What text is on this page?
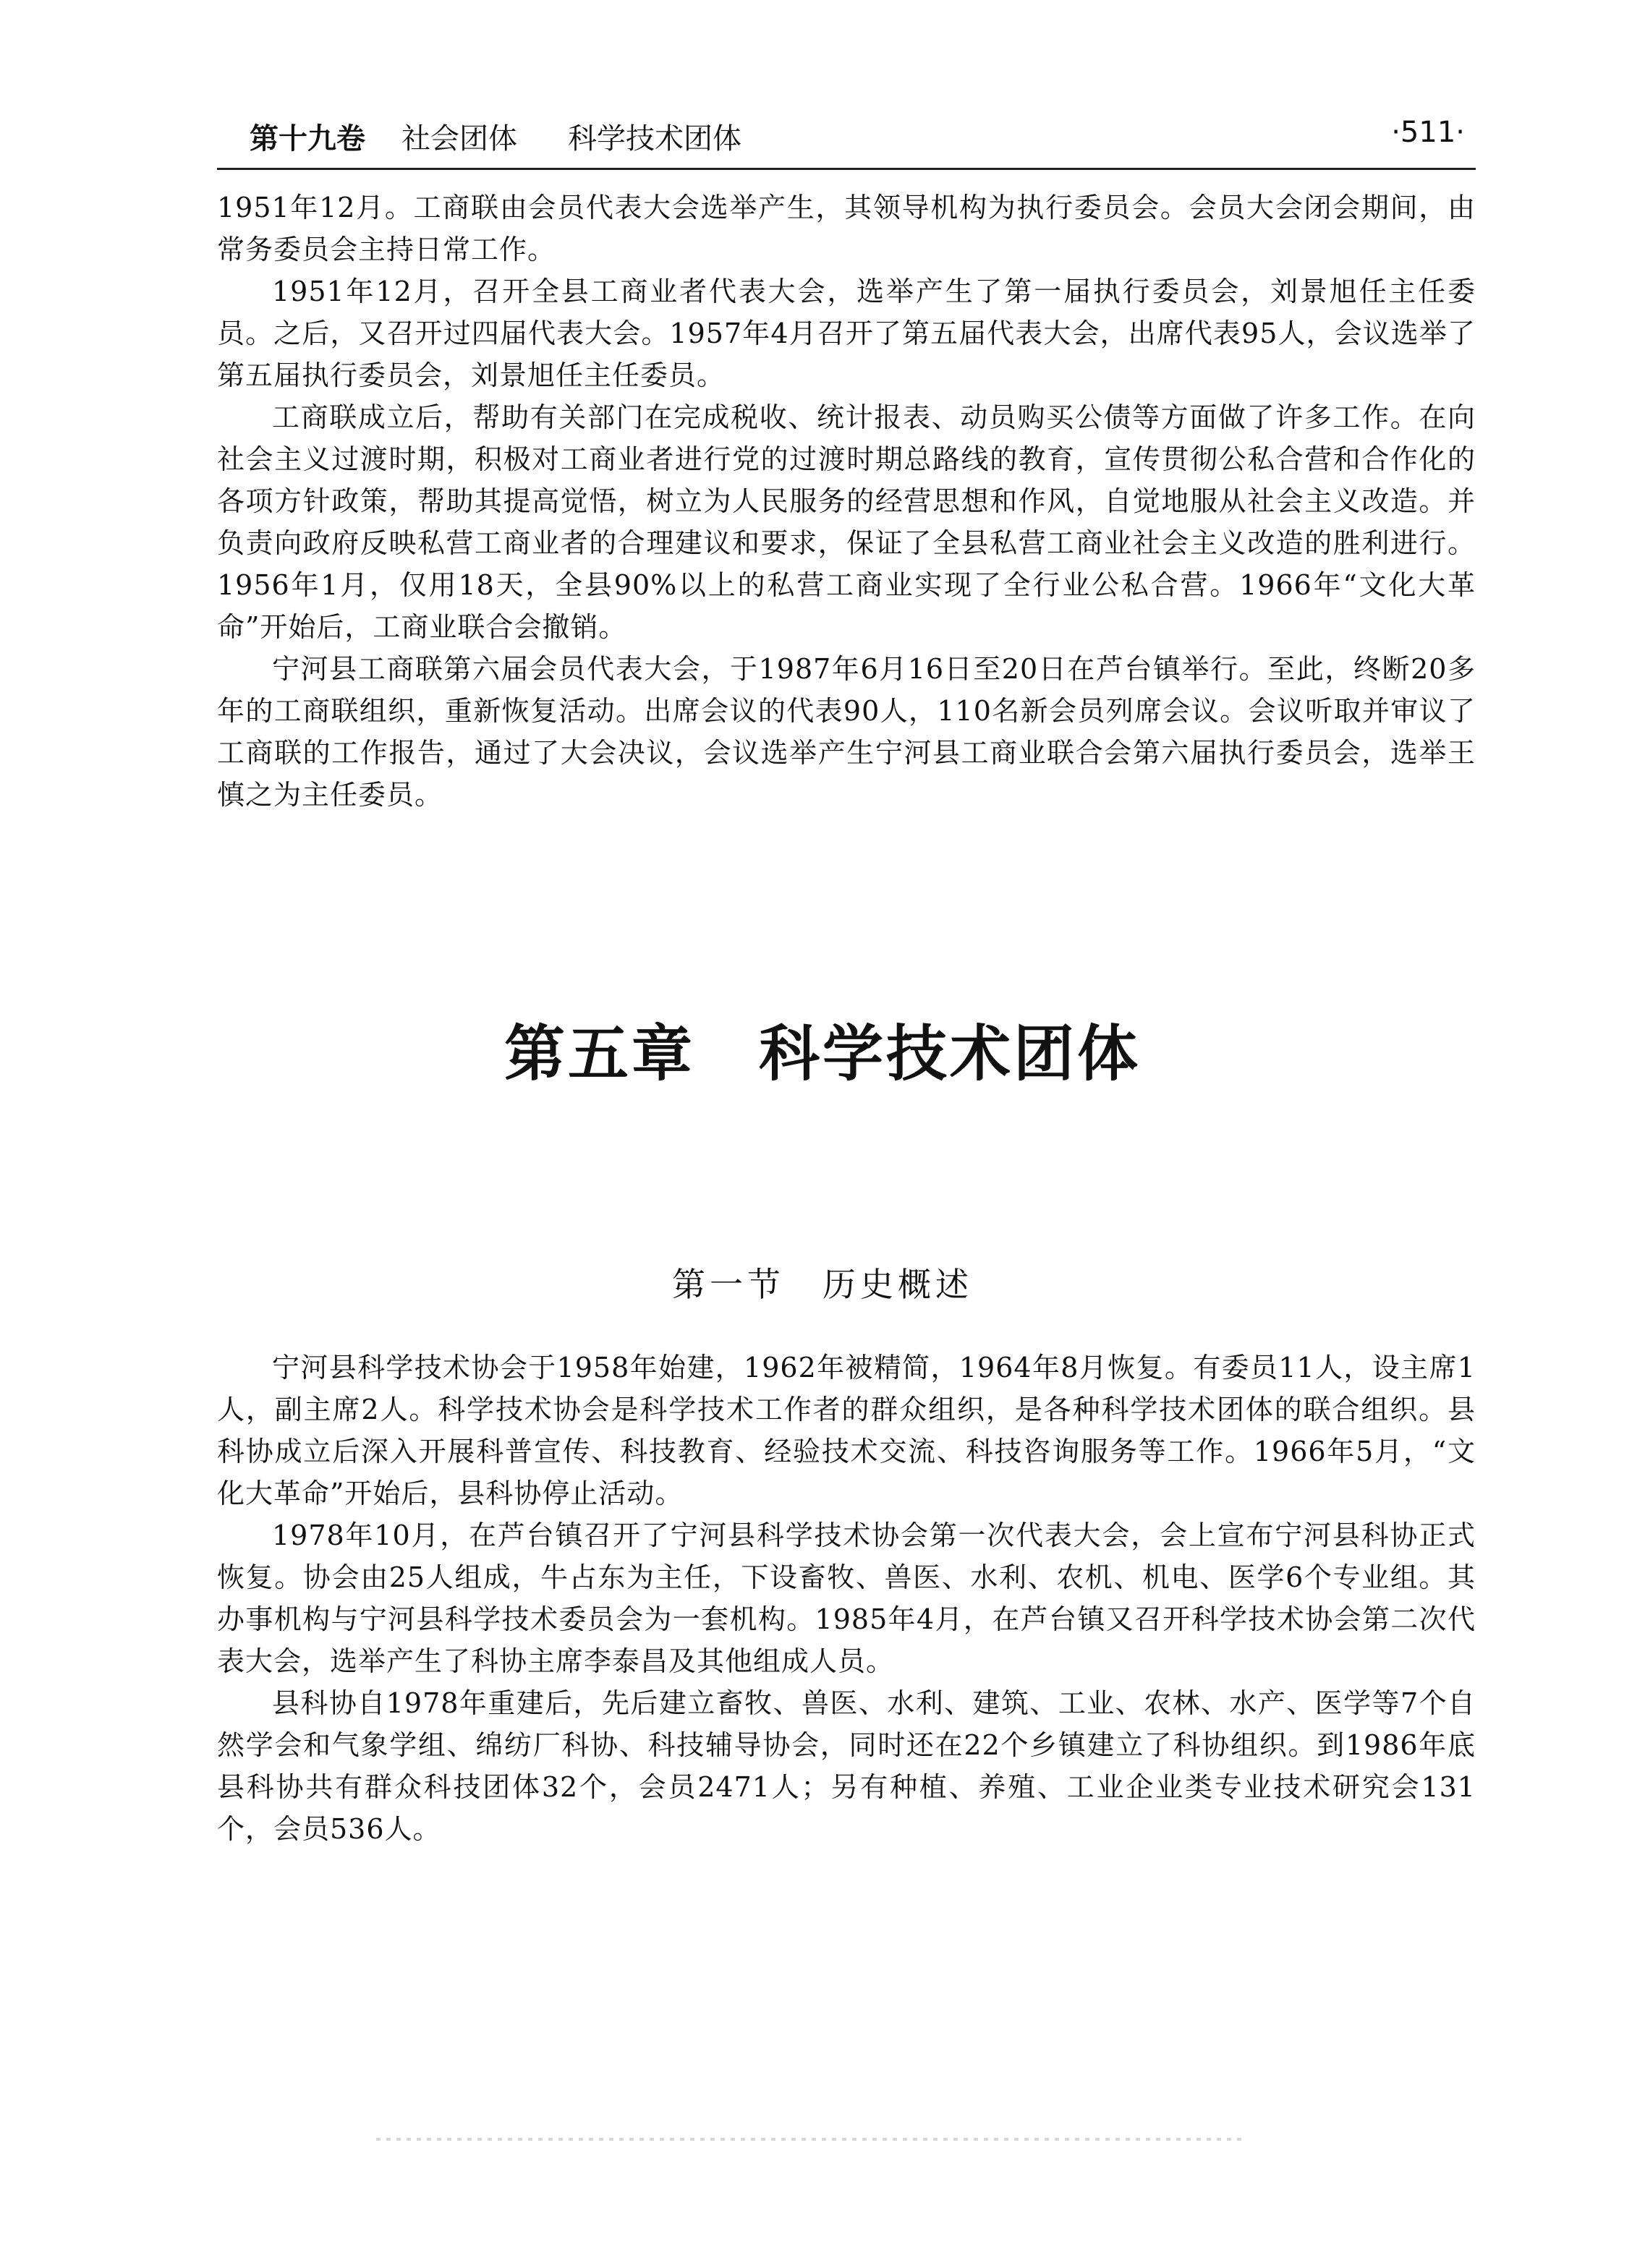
第十九卷 社会团体 科学技术团体	·511·

1951年12月。工商联由会员代表大会选举产生，其领导机构为执行委员会。会员大会闭会期间，由常务委员会主持日常工作。

1951年12月，召开全县工商业者代表大会，选举产生了第一届执行委员会，刘景旭任主任委员。之后，又召开过四届代表大会。1957年4月召开了第五届代表大会，出席代表95人，会议选举了第五届执行委员会，刘景旭任主任委员。

工商联成立后，帮助有关部门在完成税收、统计报表、动员购买公债等方面做了许多工作。在向社会主义过渡时期，积极对工商业者进行党的过渡时期总路线的教育，宣传贯彻公私合营和合作化的各项方针政策，帮助其提高觉悟，树立为人民服务的经营思想和作风，自觉地服从社会主义改造。并负责向政府反映私营工商业者的合理建议和要求，保证了全县私营工商业社会主义改造的胜利进行。1956年1月，仅用18天，全县90%以上的私营工商业实现了全行业公私合营。1966年“文化大革命”开始后，工商业联合会撤销。

宁河县工商联第六届会员代表大会，于1987年6月16日至20日在芦台镇举行。至此，终断20多年的工商联组织，重新恢复活动。出席会议的代表90人，110名新会员列席会议。会议听取并审议了工商联的工作报告，通过了大会决议，会议选举产生宁河县工商业联合会第六届执行委员会，选举王慎之为主任委员。

第五章　科学技术团体
第一节　历史概述

宁河县科学技术协会于1958年始建，1962年被精简，1964年8月恢复。有委员11人，设主席1人，副主席2人。科学技术协会是科学技术工作者的群众组织，是各种科学技术团体的联合组织。县科协成立后深入开展科普宣传、科技教育、经验技术交流、科技咨询服务等工作。1966年5月，“文化大革命”开始后，县科协停止活动。

1978年10月，在芦台镇召开了宁河县科学技术协会第一次代表大会，会上宣布宁河县科协正式恢复。协会由25人组成，牛占东为主任，下设畜牧、兽医、水利、农机、机电、医学6个专业组。其办事机构与宁河县科学技术委员会为一套机构。1985年4月，在芦台镇又召开科学技术协会第二次代表大会，选举产生了科协主席李泰昌及其他组成人员。

县科协自1978年重建后，先后建立畜牧、兽医、水利、建筑、工业、农林、水产、医学等7个自然学会和气象学组、绵纺厂科协、科技辅导协会，同时还在22个乡镇建立了科协组织。到1986年底县科协共有群众科技团体32个，会员2471人；另有种植、养殖、工业企业类专业技术研究会131个，会员536人。
